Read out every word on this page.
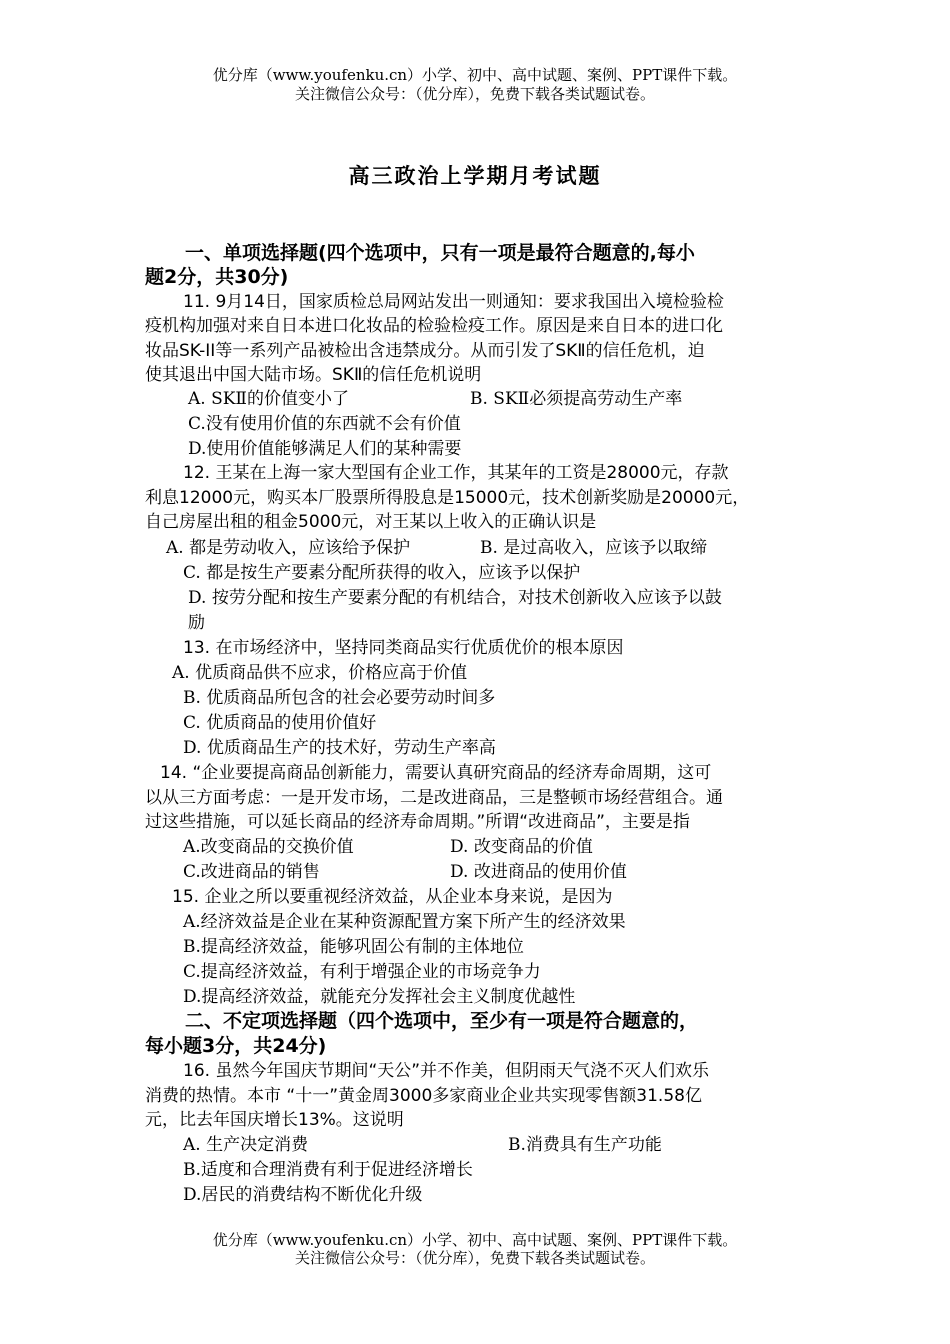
优分库（www.youfenku.cn）小学、初中、高中试题、案例、PPT课件下载。
关注微信公众号：（优分库），免费下载各类试题试卷。
高三政治上学期月考试题
一、单项选择题(四个选项中，只有一项是最符合题意的,每小
题2分，共30分)
11. 9月14日，国家质检总局网站发出一则通知：要求我国出入境检验检
疫机构加强对来自日本进口化妆品的检验检疫工作。原因是来自日本的进口化
妆品SK-II等一系列产品被检出含违禁成分。从而引发了SKⅡ的信任危机，迫
使其退出中国大陆市场。SKⅡ的信任危机说明
A. SKⅡ的价值变小了	B. SKⅡ必须提高劳动生产率
C.没有使用价值的东西就不会有价值
D.使用价值能够满足人们的某种需要
12. 王某在上海一家大型国有企业工作，其某年的工资是28000元，存款
利息12000元，购买本厂股票所得股息是15000元，技术创新奖励是20000元，
自己房屋出租的租金5000元，对王某以上收入的正确认识是
A. 都是劳动收入，应该给予保护	B. 是过高收入，应该予以取缔
C. 都是按生产要素分配所获得的收入，应该予以保护
D. 按劳分配和按生产要素分配的有机结合，对技术创新收入应该予以鼓
励
13. 在市场经济中，坚持同类商品实行优质优价的根本原因
A. 优质商品供不应求，价格应高于价值
B. 优质商品所包含的社会必要劳动时间多
C. 优质商品的使用价值好
D. 优质商品生产的技术好，劳动生产率高
14. “企业要提高商品创新能力，需要认真研究商品的经济寿命周期，这可
以从三方面考虑：一是开发市场，二是改进商品，三是整顿市场经营组合。通
过这些措施，可以延长商品的经济寿命周期。”所谓“改进商品”，主要是指
A.改变商品的交换价值	D. 改变商品的价值
C.改进商品的销售	D. 改进商品的使用价值
15. 企业之所以要重视经济效益，从企业本身来说，是因为
A.经济效益是企业在某种资源配置方案下所产生的经济效果
B.提高经济效益，能够巩固公有制的主体地位
C.提高经济效益，有利于增强企业的市场竞争力
D.提高经济效益，就能充分发挥社会主义制度优越性
二、不定项选择题（四个选项中，至少有一项是符合题意的，
每小题3分，共24分)
16. 虽然今年国庆节期间“天公”并不作美，但阴雨天气浇不灭人们欢乐
消费的热情。本市 “十一”黄金周3000多家商业企业共实现零售额31.58亿
元，比去年国庆增长13%。这说明
A. 生产决定消费	B.消费具有生产功能
B.适度和合理消费有利于促进经济增长
D.居民的消费结构不断优化升级
优分库（www.youfenku.cn）小学、初中、高中试题、案例、PPT课件下载。
关注微信公众号：（优分库），免费下载各类试题试卷。
